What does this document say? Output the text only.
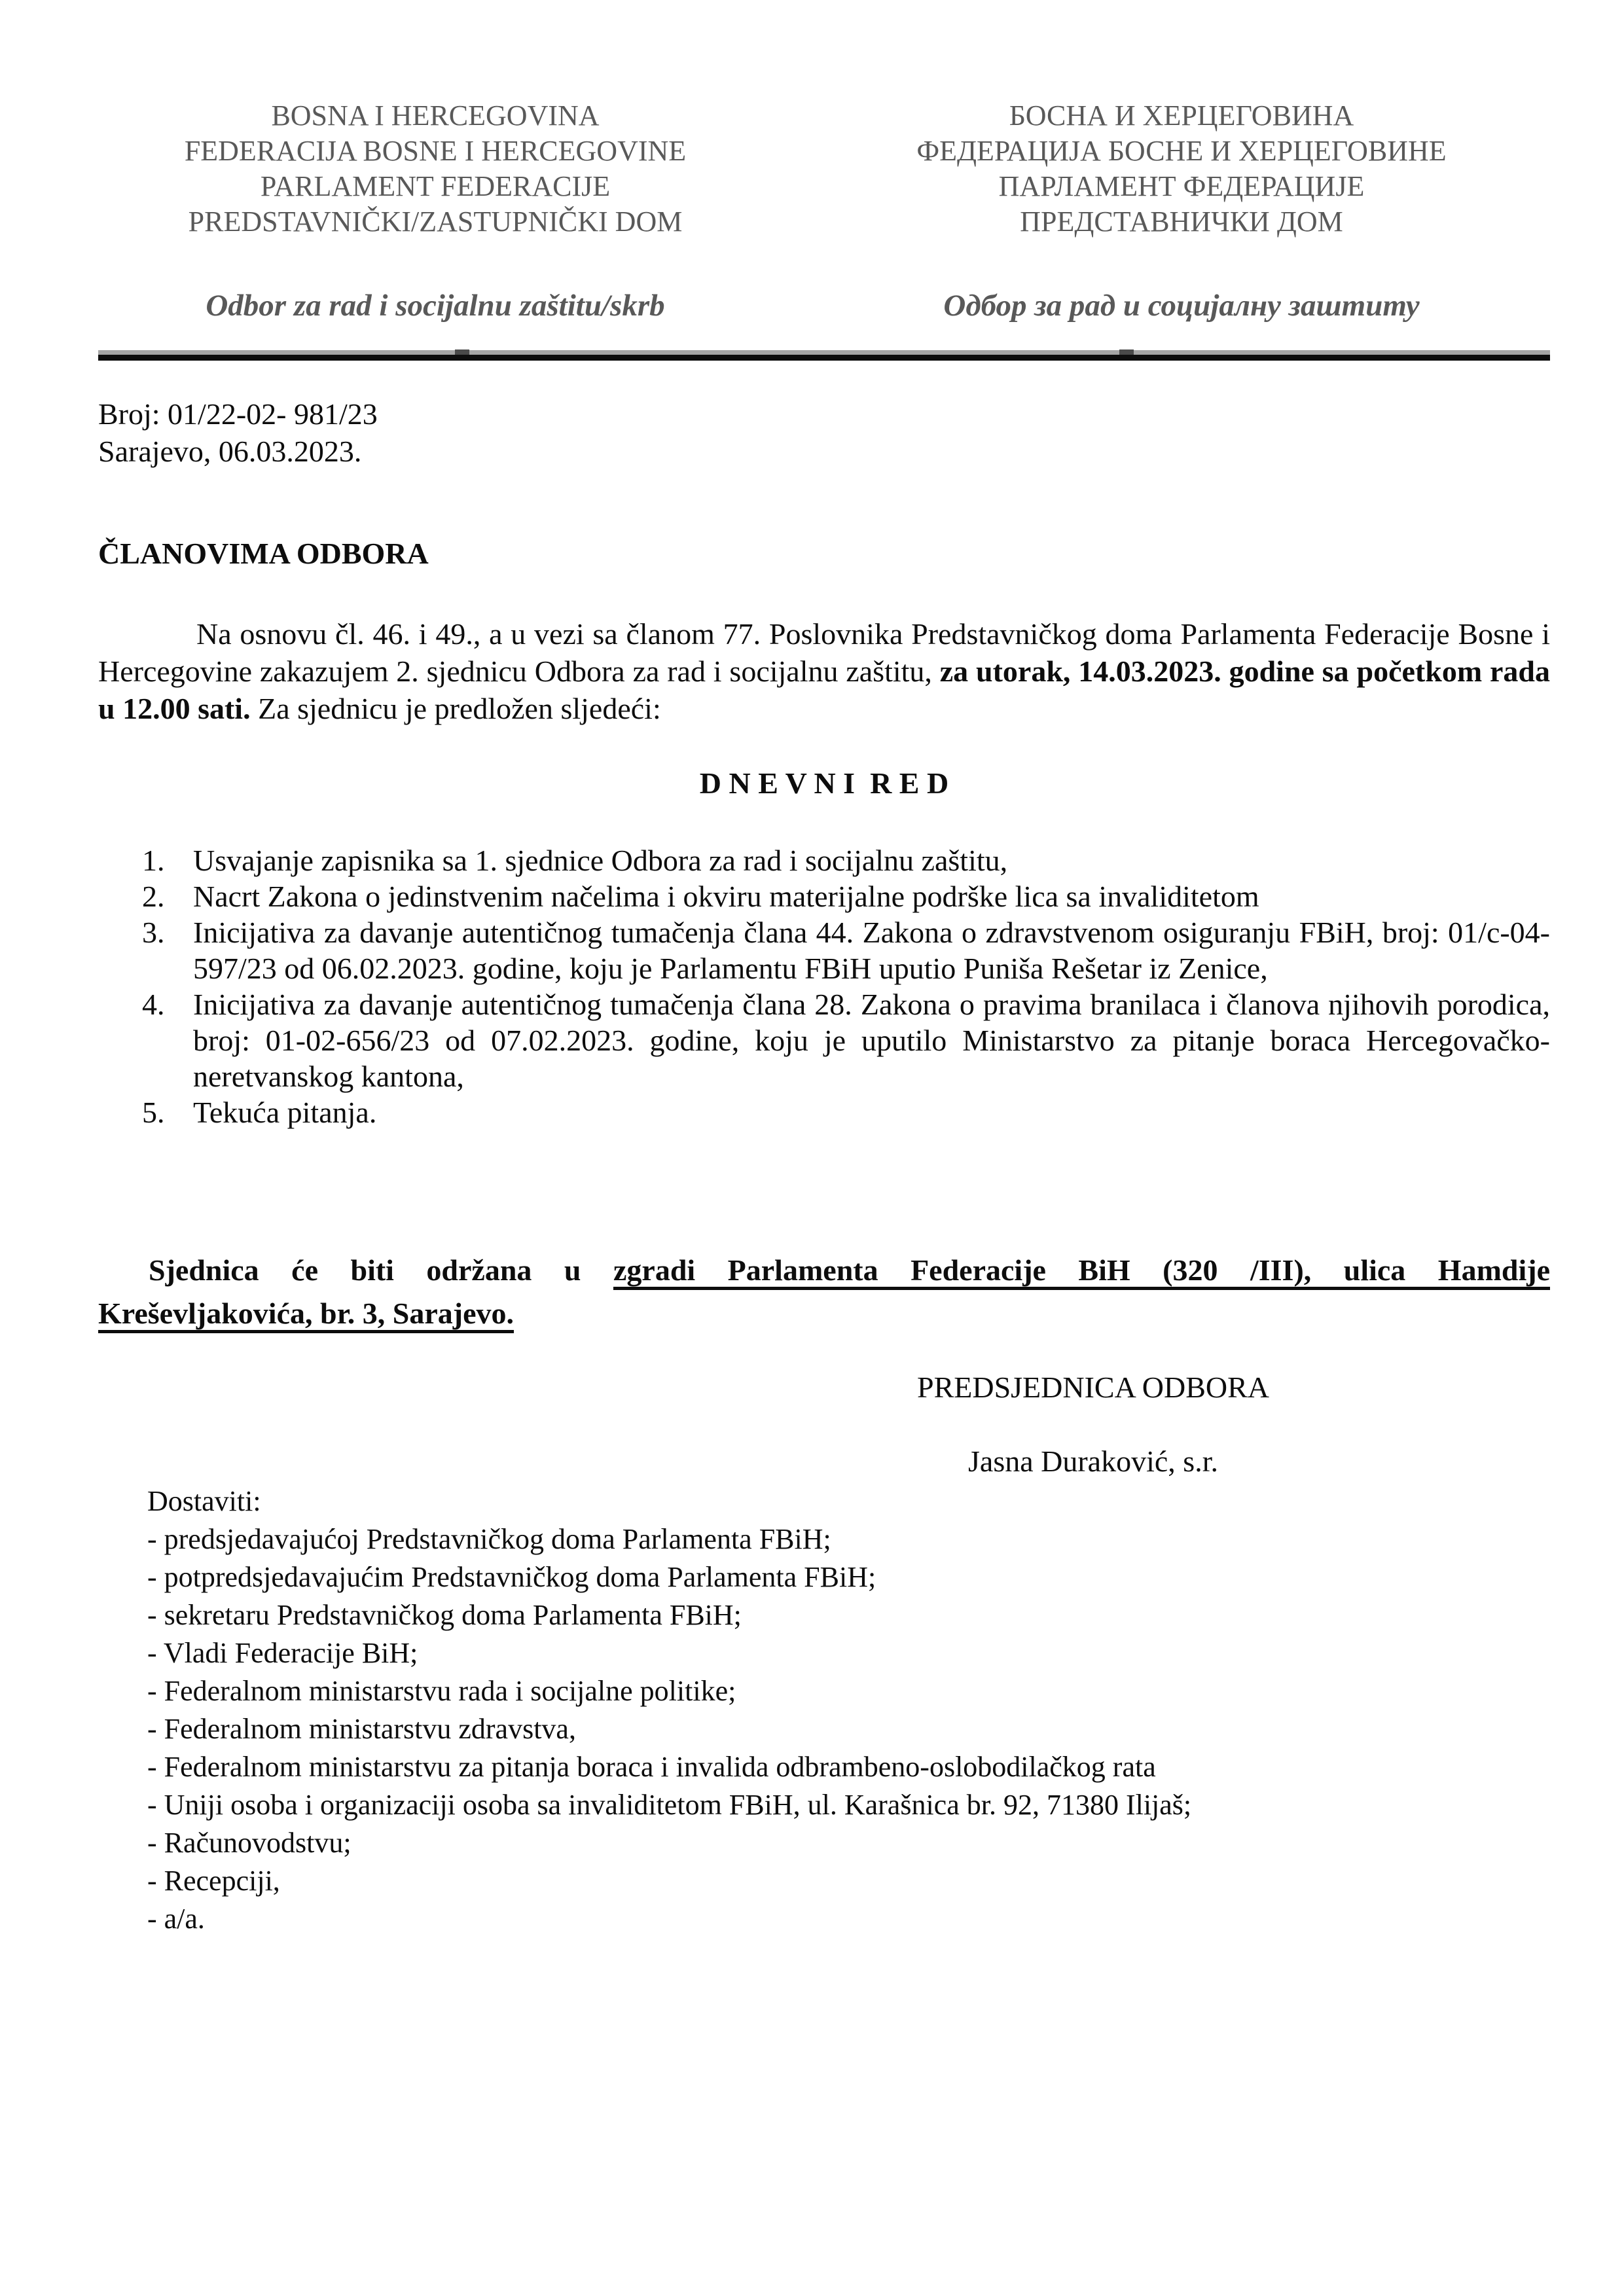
BOSNA I HERCEGOVINA
FEDERACIJA BOSNE I HERCEGOVINE
PARLAMENT FEDERACIJE
PREDSTAVNIČKI/ZASTUPNIČKI DOM
БОСНА И ХЕРЦЕГОВИНА
ФЕДЕРАЦИЈА БОСНЕ И ХЕРЦЕГОВИНЕ
ПАРЛАМЕНТ ФЕДЕРАЦИЈЕ
ПРЕДСТАВНИЧКИ ДОМ
Odbor za rad i socijalnu zaštitu/skrb	Одбор за рад и социјалну заштиту
Broj: 01/22-02- 981/23
Sarajevo, 06.03.2023.
ČLANOVIMA ODBORA

Na osnovu čl. 46. i 49., a u vezi sa članom 77. Poslovnika Predstavničkog doma Parlamenta Federacije Bosne i Hercegovine zakazujem 2. sjednicu Odbora za rad i socijalnu zaštitu, za utorak, 14.03.2023. godine sa početkom rada u 12.00 sati. Za sjednicu je predložen sljedeći:

D N E V N I  R E D
1. Usvajanje zapisnika sa 1. sjednice Odbora za rad i socijalnu zaštitu,
2. Nacrt Zakona o jedinstvenim načelima i okviru materijalne podrške lica sa invaliditetom
3. Inicijativa za davanje autentičnog tumačenja člana 44. Zakona o zdravstvenom osiguranju FBiH, broj: 01/c-04-597/23 od 06.02.2023. godine, koju je Parlamentu FBiH uputio Puniša Rešetar iz Zenice,
4. Inicijativa za davanje autentičnog tumačenja člana 28. Zakona o pravima branilaca i članova njihovih porodica, broj: 01-02-656/23 od 07.02.2023. godine, koju je uputilo Ministarstvo za pitanje boraca Hercegovačko-neretvanskog kantona,
5. Tekuća pitanja.
Sjednica će biti održana u zgradi Parlamenta Federacije BiH (320 /III), ulica Hamdije
Kreševljakovića, br. 3, Sarajevo.
PREDSJEDNICA ODBORA
Jasna Duraković, s.r.
Dostaviti:
- predsjedavajućoj Predstavničkog doma Parlamenta FBiH;
- potpredsjedavajućim Predstavničkog doma Parlamenta FBiH;
- sekretaru Predstavničkog doma Parlamenta FBiH;
- Vladi Federacije BiH;
- Federalnom ministarstvu rada i socijalne politike;
- Federalnom ministarstvu zdravstva,
- Federalnom ministarstvu za pitanja boraca i invalida odbrambeno-oslobodilačkog rata
- Uniji osoba i organizaciji osoba sa invaliditetom FBiH, ul. Karašnica br. 92, 71380 Ilijaš;
- Računovodstvu;
- Recepciji,
- a/a.
